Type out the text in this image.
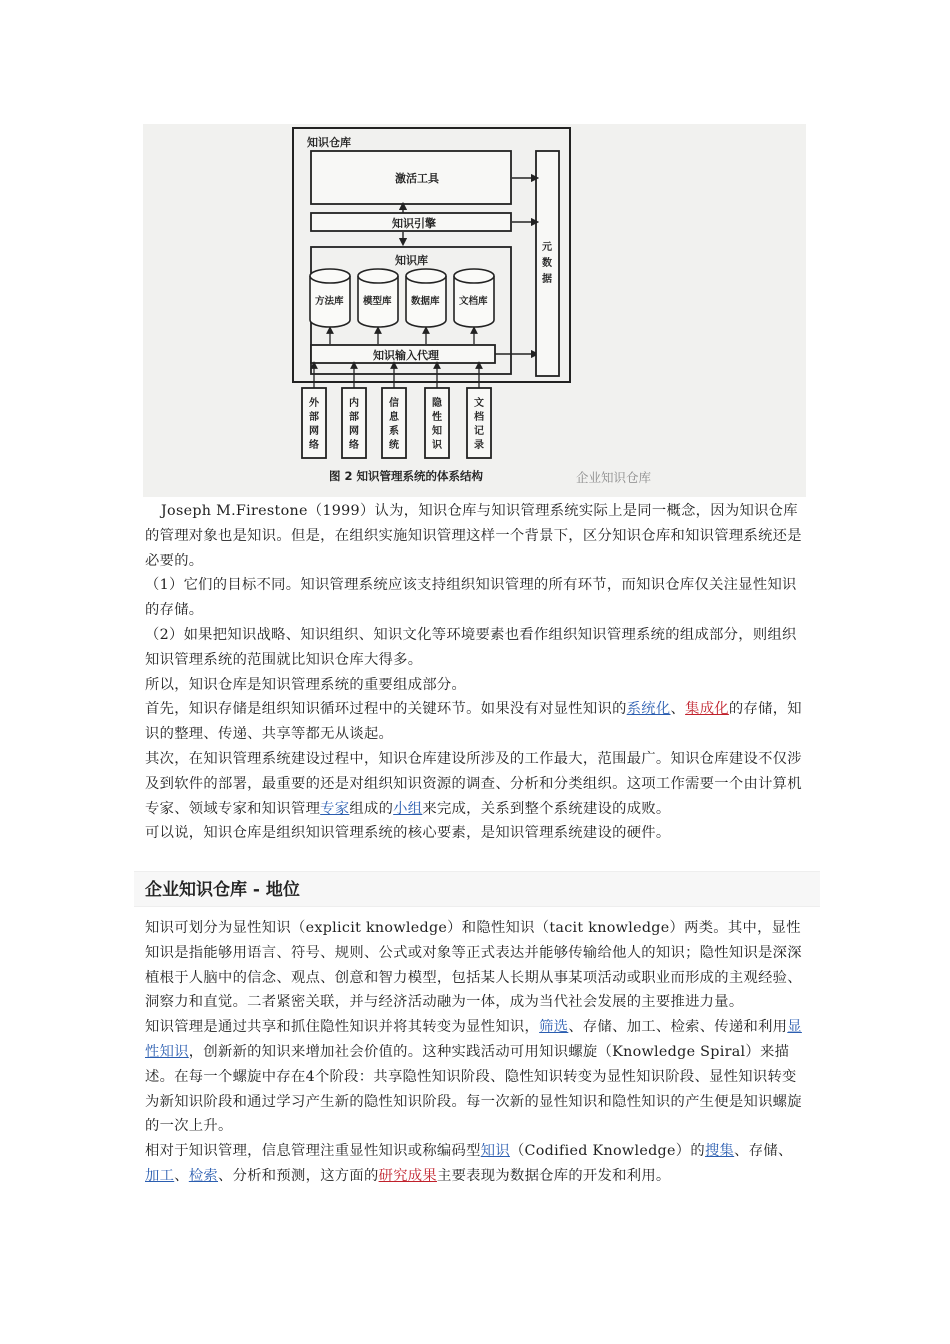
知识仓库
激活工具
知识引擎
知识库
方法库 模型库 数据库 文档库
知识输入代理
元
数
据
外
部
网
络
内
部
网
络
信
息
系
统
隐
性
知
识
文
档
记
录
图 2 知识管理系统的体系结构	企业知识仓库

Joseph M.Firestone（1999）认为，知识仓库与知识管理系统实际上是同一概念，因为知识仓库的管理对象也是知识。但是，在组织实施知识管理这样一个背景下，区分知识仓库和知识管理系统还是必要的。

（1）它们的目标不同。知识管理系统应该支持组织知识管理的所有环节，而知识仓库仅关注显性知识的存储。

（2）如果把知识战略、知识组织、知识文化等环境要素也看作组织知识管理系统的组成部分，则组织知识管理系统的范围就比知识仓库大得多。

所以，知识仓库是知识管理系统的重要组成部分。

首先，知识存储是组织知识循环过程中的关键环节。如果没有对显性知识的系统化、集成化的存储，知识的整理、传递、共享等都无从谈起。

其次，在知识管理系统建设过程中，知识仓库建设所涉及的工作最大，范围最广。知识仓库建设不仅涉及到软件的部署，最重要的还是对组织知识资源的调查、分析和分类组织。这项工作需要一个由计算机专家、领域专家和知识管理专家组成的小组来完成，关系到整个系统建设的成败。

可以说，知识仓库是组织知识管理系统的核心要素，是知识管理系统建设的硬件。

企业知识仓库 - 地位

知识可划分为显性知识（explicit knowledge）和隐性知识（tacit knowledge）两类。其中，显性知识是指能够用语言、符号、规则、公式或对象等正式表达并能够传输给他人的知识；隐性知识是深深植根于人脑中的信念、观点、创意和智力模型，包括某人长期从事某项活动或职业而形成的主观经验、洞察力和直觉。二者紧密关联，并与经济活动融为一体，成为当代社会发展的主要推进力量。

知识管理是通过共享和抓住隐性知识并将其转变为显性知识，筛选、存储、加工、检索、传递和利用显性知识，创新新的知识来增加社会价值的。这种实践活动可用知识螺旋（Knowledge Spiral）来描述。在每一个螺旋中存在4个阶段：共享隐性知识阶段、隐性知识转变为显性知识阶段、显性知识转变为新知识阶段和通过学习产生新的隐性知识阶段。每一次新的显性知识和隐性知识的产生便是知识螺旋的一次上升。

相对于知识管理，信息管理注重显性知识或称编码型知识（Codified Knowledge）的搜集、存储、加工、检索、分析和预测，这方面的研究成果主要表现为数据仓库的开发和利用。
